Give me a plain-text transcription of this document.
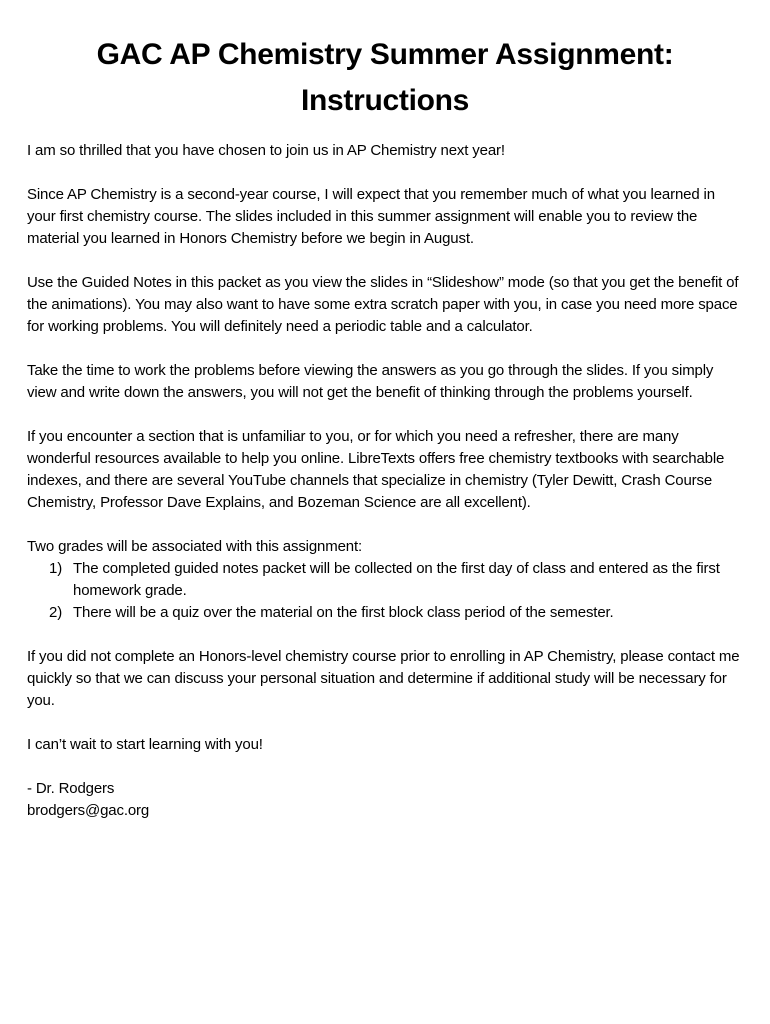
GAC AP Chemistry Summer Assignment:
Instructions

I am so thrilled that you have chosen to join us in AP Chemistry next year!

Since AP Chemistry is a second-year course, I will expect that you remember much of what you learned in your first chemistry course. The slides included in this summer assignment will enable you to review the material you learned in Honors Chemistry before we begin in August.

Use the Guided Notes in this packet as you view the slides in “Slideshow” mode (so that you get the benefit of the animations). You may also want to have some extra scratch paper with you, in case you need more space for working problems. You will definitely need a periodic table and a calculator.

Take the time to work the problems before viewing the answers as you go through the slides. If you simply view and write down the answers, you will not get the benefit of thinking through the problems yourself.

If you encounter a section that is unfamiliar to you, or for which you need a refresher, there are many wonderful resources available to help you online. LibreTexts offers free chemistry textbooks with searchable indexes, and there are several YouTube channels that specialize in chemistry (Tyler Dewitt, Crash Course Chemistry, Professor Dave Explains, and Bozeman Science are all excellent).

Two grades will be associated with this assignment:

1) The completed guided notes packet will be collected on the first day of class and entered as the first homework grade.
2) There will be a quiz over the material on the first block class period of the semester.

If you did not complete an Honors-level chemistry course prior to enrolling in AP Chemistry, please contact me quickly so that we can discuss your personal situation and determine if additional study will be necessary for you.

I can’t wait to start learning with you!

- Dr. Rodgers

brodgers@gac.org
